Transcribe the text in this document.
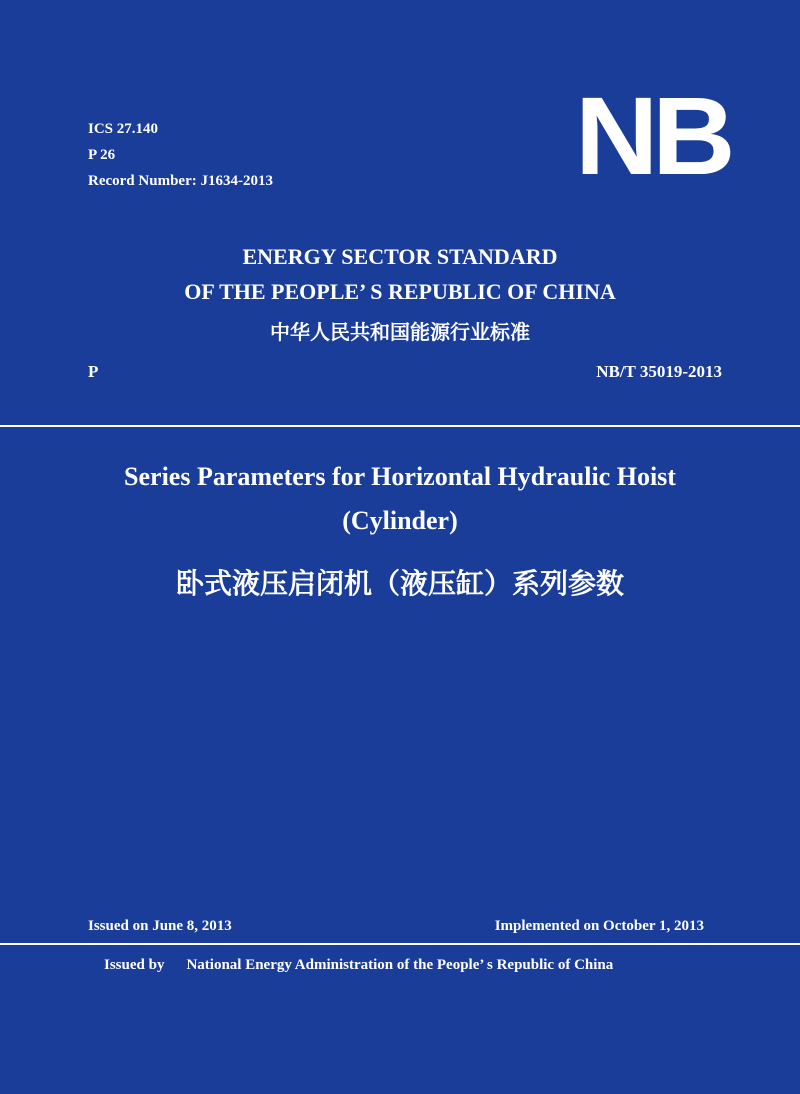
ICS 27.140
P 26
Record Number: J1634-2013	NB
ENERGY SECTOR STANDARD
OF THE PEOPLE’ S REPUBLIC OF CHINA
中华人民共和国能源行业标准
P	NB/T 35019-2013
Series Parameters for Horizontal Hydraulic Hoist
(Cylinder)
卧式液压启闭机（液压缸）系列参数
Issued on June 8, 2013	Implemented on October 1, 2013
Issued by National Energy Administration of the People’ s Republic of China
